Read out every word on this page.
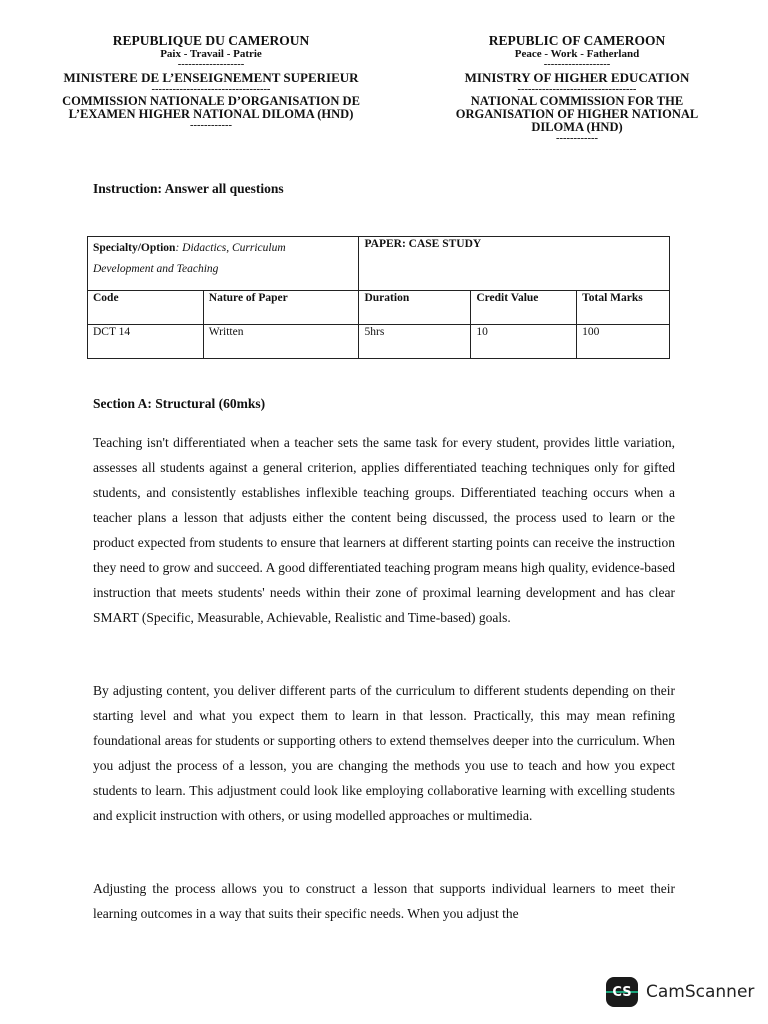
REPUBLIQUE DU CAMEROUN
Paix - Travail - Patrie
-------------------
MINISTERE DE L’ENSEIGNEMENT SUPERIEUR
----------------------------------
COMMISSION NATIONALE D’ORGANISATION DE
L’EXAMEN HIGHER NATIONAL DILOMA (HND)
------------
REPUBLIC OF CAMEROON
Peace - Work - Fatherland
-------------------
MINISTRY OF HIGHER EDUCATION
----------------------------------
NATIONAL COMMISSION FOR THE
ORGANISATION OF HIGHER NATIONAL
DILOMA (HND)
------------
Instruction: Answer all questions
Specialty/Option: Didactics, Curriculum
Development and Teaching		PAPER: CASE STUDY		
Code	Nature of Paper	Duration	Credit Value	Total Marks
DCT 14	Written	5hrs	10	100
Section A: Structural (60mks)

Teaching isn't differentiated when a teacher sets the same task for every student, provides little variation, assesses all students against a general criterion, applies differentiated teaching techniques only for gifted students, and consistently establishes inflexible teaching groups. Differentiated teaching occurs when a teacher plans a lesson that adjusts either the content being discussed, the process used to learn or the product expected from students to ensure that learners at different starting points can receive the instruction they need to grow and succeed. A good differentiated teaching program means high quality, evidence-based instruction that meets students' needs within their zone of proximal learning development and has clear SMART (Specific, Measurable, Achievable, Realistic and Time-based) goals.

By adjusting content, you deliver different parts of the curriculum to different students depending on their starting level and what you expect them to learn in that lesson. Practically, this may mean refining foundational areas for students or supporting others to extend themselves deeper into the curriculum. When you adjust the process of a lesson, you are changing the methods you use to teach and how you expect students to learn. This adjustment could look like employing collaborative learning with excelling students and explicit instruction with others, or using modelled approaches or multimedia.

Adjusting the process allows you to construct a lesson that supports individual learners to meet their learning outcomes in a way that suits their specific needs. When you adjust the

CS CamScanner
